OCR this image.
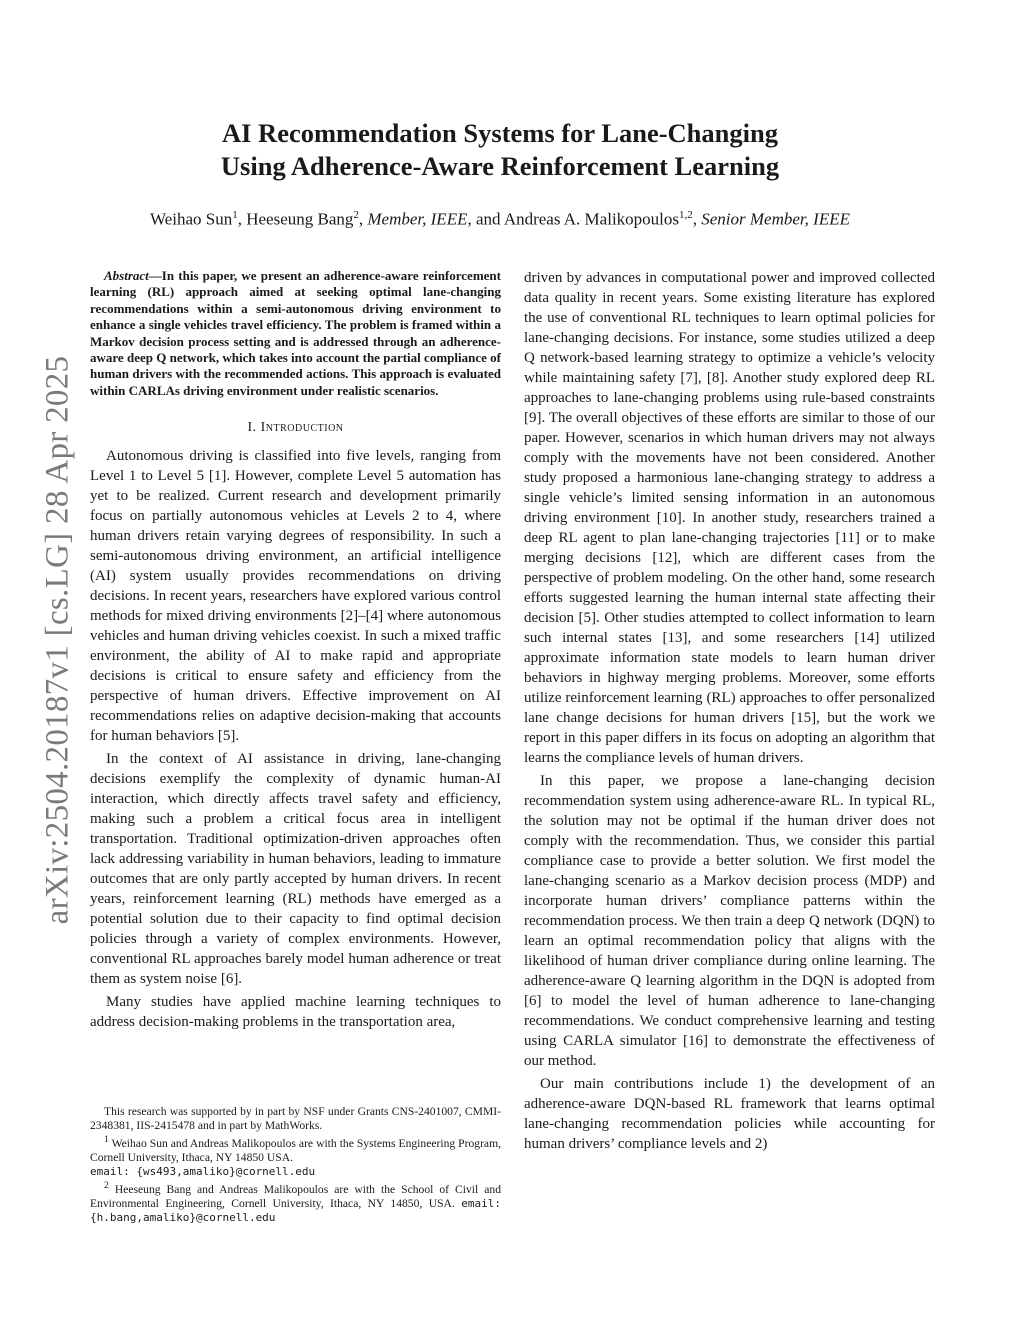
arXiv:2504.20187v1 [cs.LG] 28 Apr 2025
AI Recommendation Systems for Lane-Changing
Using Adherence-Aware Reinforcement Learning
Weihao Sun$^1$, Heeseung Bang$^2$, Member, IEEE, and Andreas A. Malikopoulos$^{1,2}$, Senior Member, IEEE

Abstract—In this paper, we present an adherence-aware reinforcement learning (RL) approach aimed at seeking optimal lane-changing recommendations within a semi-autonomous driving environment to enhance a single vehicles travel efficiency. The problem is framed within a Markov decision process setting and is addressed through an adherence-aware deep Q network, which takes into account the partial compliance of human drivers with the recommended actions. This approach is evaluated within CARLAs driving environment under realistic scenarios.

I. Introduction

Autonomous driving is classified into five levels, ranging from Level 1 to Level 5 [1]. However, complete Level 5 automation has yet to be realized. Current research and development primarily focus on partially autonomous vehicles at Levels 2 to 4, where human drivers retain varying degrees of responsibility. In such a semi-autonomous driving environment, an artificial intelligence (AI) system usually provides recommendations on driving decisions. In recent years, researchers have explored various control methods for mixed driving environments [2]–[4] where autonomous vehicles and human driving vehicles coexist. In such a mixed traffic environment, the ability of AI to make rapid and appropriate decisions is critical to ensure safety and efficiency from the perspective of human drivers. Effective improvement on AI recommendations relies on adaptive decision-making that accounts for human behaviors [5].

In the context of AI assistance in driving, lane-changing decisions exemplify the complexity of dynamic human-AI interaction, which directly affects travel safety and efficiency, making such a problem a critical focus area in intelligent transportation. Traditional optimization-driven approaches often lack addressing variability in human behaviors, leading to immature outcomes that are only partly accepted by human drivers. In recent years, reinforcement learning (RL) methods have emerged as a potential solution due to their capacity to find optimal decision policies through a variety of complex environments. However, conventional RL approaches barely model human adherence or treat them as system noise [6].

Many studies have applied machine learning techniques to address decision-making problems in the transportation area,

driven by advances in computational power and improved collected data quality in recent years. Some existing literature has explored the use of conventional RL techniques to learn optimal policies for lane-changing decisions. For instance, some studies utilized a deep Q network-based learning strategy to optimize a vehicle’s velocity while maintaining safety [7], [8]. Another study explored deep RL approaches to lane-changing problems using rule-based constraints [9]. The overall objectives of these efforts are similar to those of our paper. However, scenarios in which human drivers may not always comply with the movements have not been considered. Another study proposed a harmonious lane-changing strategy to address a single vehicle’s limited sensing information in an autonomous driving environment [10]. In another study, researchers trained a deep RL agent to plan lane-changing trajectories [11] or to make merging decisions [12], which are different cases from the perspective of problem modeling. On the other hand, some research efforts suggested learning the human internal state affecting their decision [5]. Other studies attempted to collect information to learn such internal states [13], and some researchers [14] utilized approximate information state models to learn human driver behaviors in highway merging problems. Moreover, some efforts utilize reinforcement learning (RL) approaches to offer personalized lane change decisions for human drivers [15], but the work we report in this paper differs in its focus on adopting an algorithm that learns the compliance levels of human drivers.

In this paper, we propose a lane-changing decision recommendation system using adherence-aware RL. In typical RL, the solution may not be optimal if the human driver does not comply with the recommendation. Thus, we consider this partial compliance case to provide a better solution. We first model the lane-changing scenario as a Markov decision process (MDP) and incorporate human drivers’ compliance patterns within the recommendation process. We then train a deep Q network (DQN) to learn an optimal recommendation policy that aligns with the likelihood of human driver compliance during online learning. The adherence-aware Q learning algorithm in the DQN is adopted from [6] to model the level of human adherence to lane-changing recommendations. We conduct comprehensive learning and testing using CARLA simulator [16] to demonstrate the effectiveness of our method.

Our main contributions include 1) the development of an adherence-aware DQN-based RL framework that learns optimal lane-changing recommendation policies while accounting for human drivers’ compliance levels and 2)

This research was supported by in part by NSF under Grants CNS-2401007, CMMI-2348381, IIS-2415478 and in part by MathWorks.

$^1$ Weihao Sun and Andreas Malikopoulos are with the Systems Engineering Program, Cornell University, Ithaca, NY 14850 USA.
email: {ws493,amaliko}@cornell.edu

$^2$ Heeseung Bang and Andreas Malikopoulos are with the School of Civil and Environmental Engineering, Cornell University, Ithaca, NY 14850, USA. email: {h.bang,amaliko}@cornell.edu
